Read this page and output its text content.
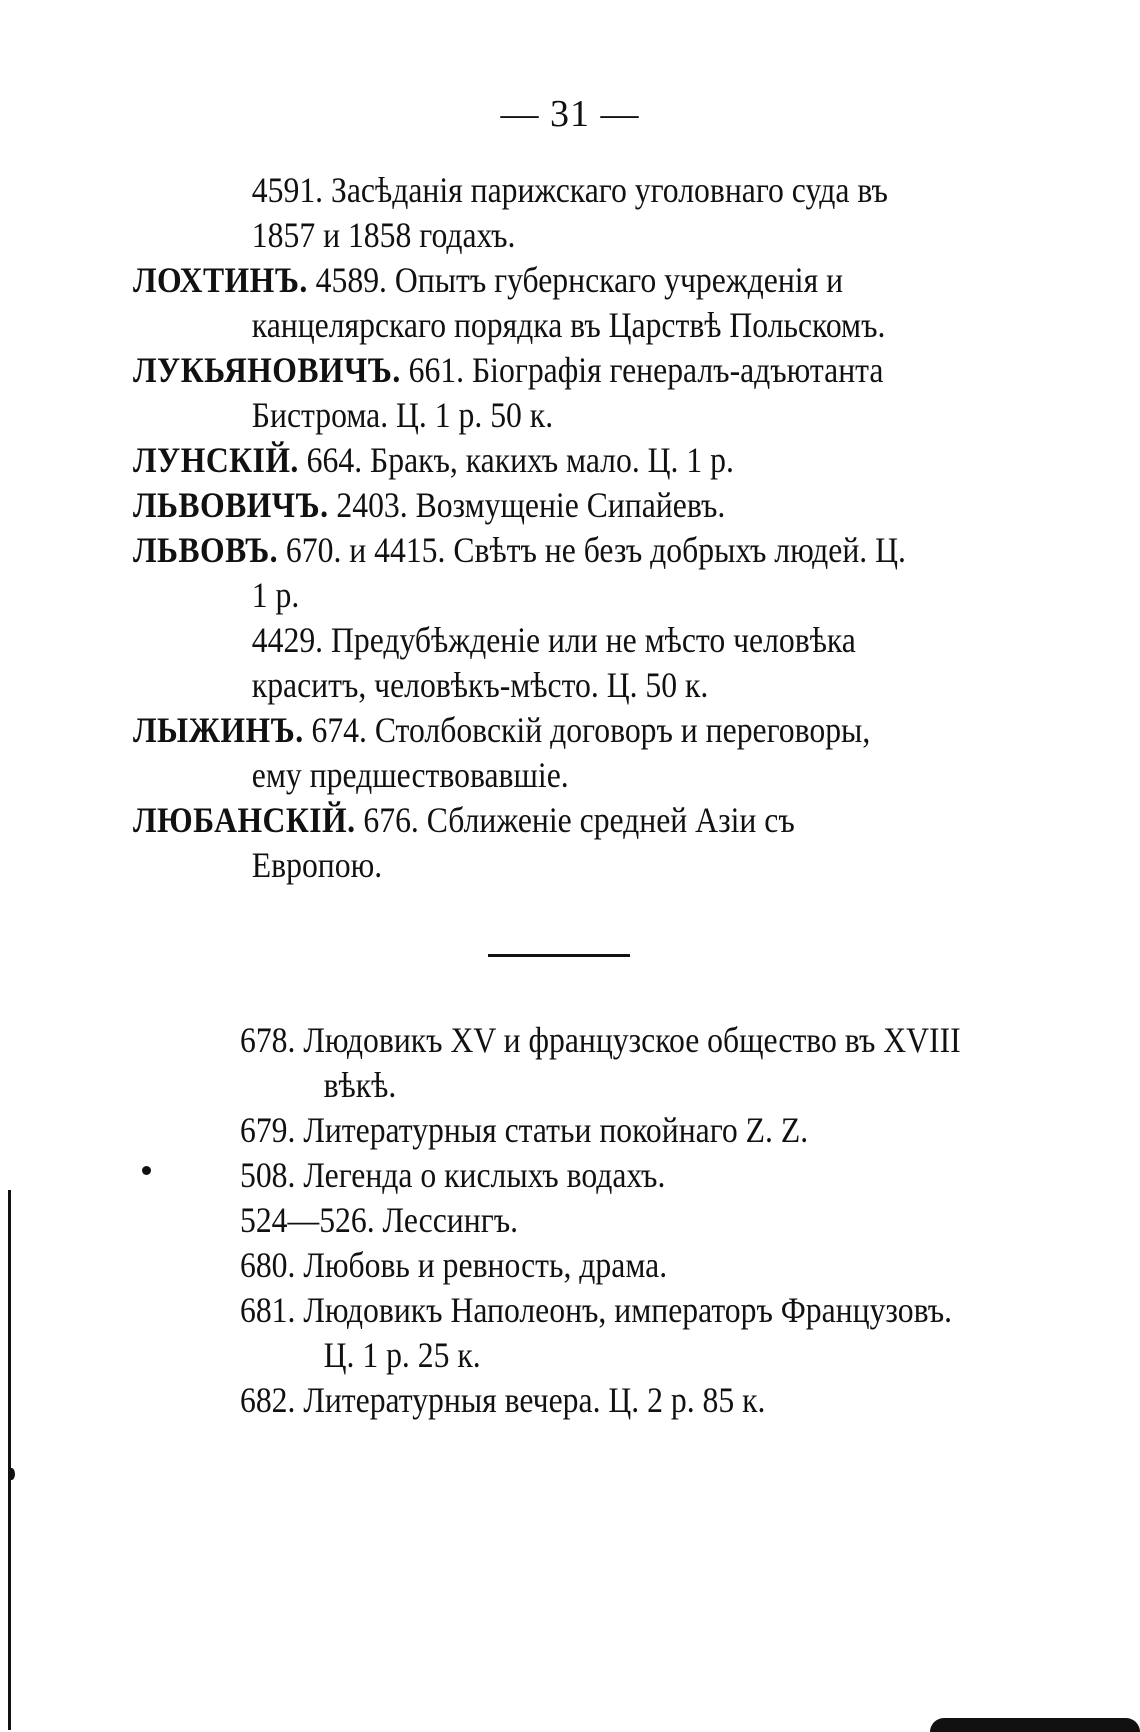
— 31 —
4591. Засѣданія парижскаго уголовнаго суда въ 1857 и 1858 годахъ.
ЛОХТИНЪ. 4589. Опытъ губернскаго учрежденія и канцелярскаго порядка въ Царствѣ Польскомъ.
ЛУКЬЯНОВИЧЪ. 661. Біографія генералъ-адъютанта Бистрома. Ц. 1 р. 50 к.
ЛУНСКІЙ. 664. Бракъ, какихъ мало. Ц. 1 р.
ЛЬВОВИЧЪ. 2403. Возмущеніе Сипайевъ.
ЛЬВОВЪ. 670. и 4415. Свѣтъ не безъ добрыхъ людей. Ц. 1 р.
4429. Предубѣжденіе или не мѣсто человѣка краситъ, человѣкъ-мѣсто. Ц. 50 к.
ЛЫЖИНЪ. 674. Столбовскій договоръ и переговоры, ему предшествовавшіе.
ЛЮБАНСКІЙ. 676. Сближеніе средней Азіи съ Европою.
678. Людовикъ XV и французское общество въ XVIII вѣкѣ.
679. Литературныя статьи покойнаго Z. Z.
508. Легенда о кислыхъ водахъ.
524—526. Лессингъ.
680. Любовь и ревность, драма.
681. Людовикъ Наполеонъ, императоръ Французовъ. Ц. 1 р. 25 к.
682. Литературныя вечера. Ц. 2 р. 85 к.
